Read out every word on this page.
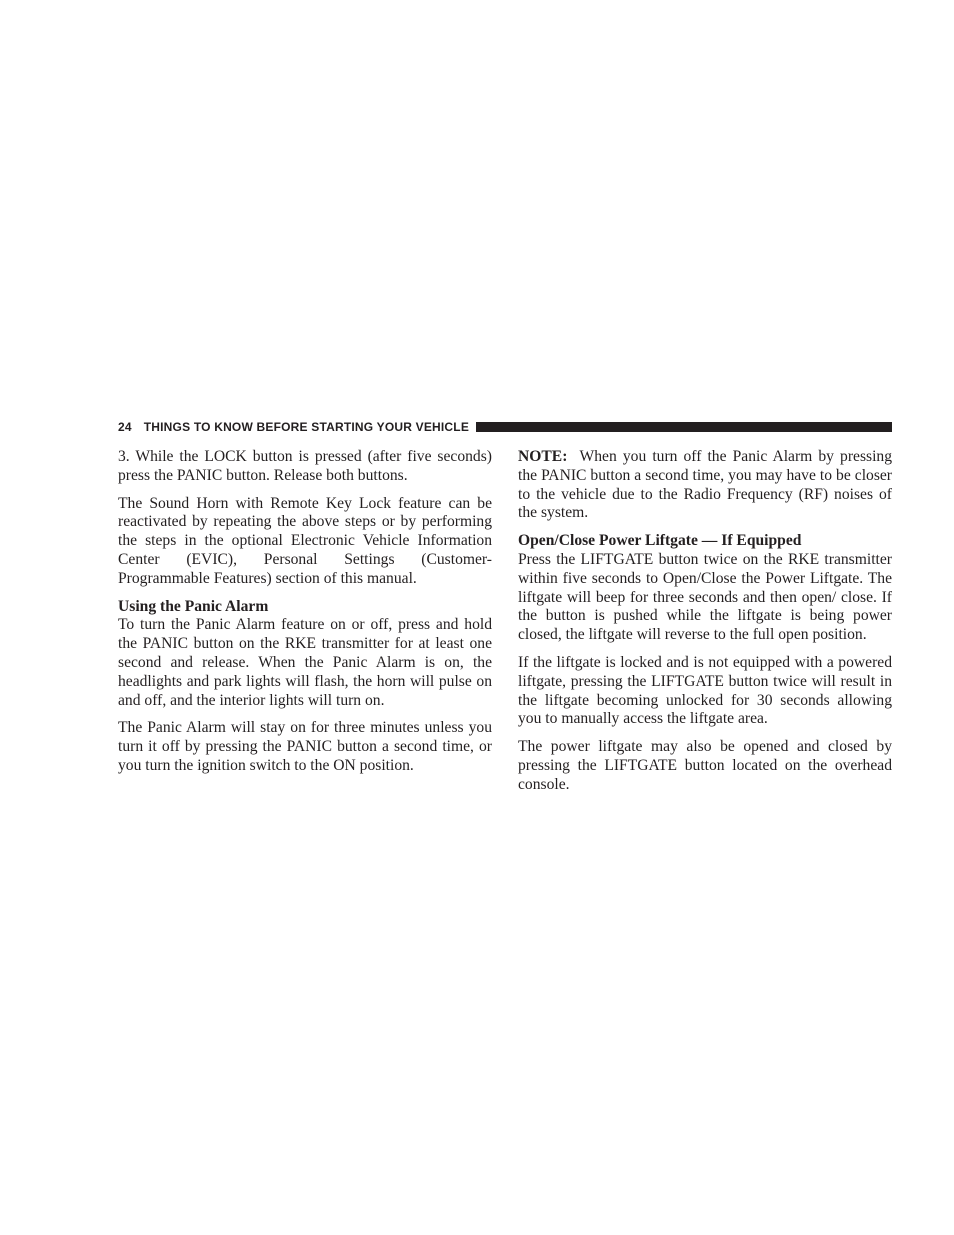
24 THINGS TO KNOW BEFORE STARTING YOUR VEHICLE

3. While the LOCK button is pressed (after five seconds) press the PANIC button. Release both buttons.

The Sound Horn with Remote Key Lock feature can be reactivated by repeating the above steps or by performing the steps in the optional Electronic Vehicle Information Center (EVIC), Personal Settings (Customer-Programmable Features) section of this manual.

Using the Panic Alarm
To turn the Panic Alarm feature on or off, press and hold the PANIC button on the RKE transmitter for at least one second and release. When the Panic Alarm is on, the headlights and park lights will flash, the horn will pulse on and off, and the interior lights will turn on.

The Panic Alarm will stay on for three minutes unless you turn it off by pressing the PANIC button a second time, or you turn the ignition switch to the ON position.

NOTE: When you turn off the Panic Alarm by pressing the PANIC button a second time, you may have to be closer to the vehicle due to the Radio Frequency (RF) noises of the system.

Open/Close Power Liftgate — If Equipped
Press the LIFTGATE button twice on the RKE transmitter within five seconds to Open/Close the Power Liftgate. The liftgate will beep for three seconds and then open/ close. If the button is pushed while the liftgate is being power closed, the liftgate will reverse to the full open position.

If the liftgate is locked and is not equipped with a powered liftgate, pressing the LIFTGATE button twice will result in the liftgate becoming unlocked for 30 seconds allowing you to manually access the liftgate area.

The power liftgate may also be opened and closed by pressing the LIFTGATE button located on the overhead console.
